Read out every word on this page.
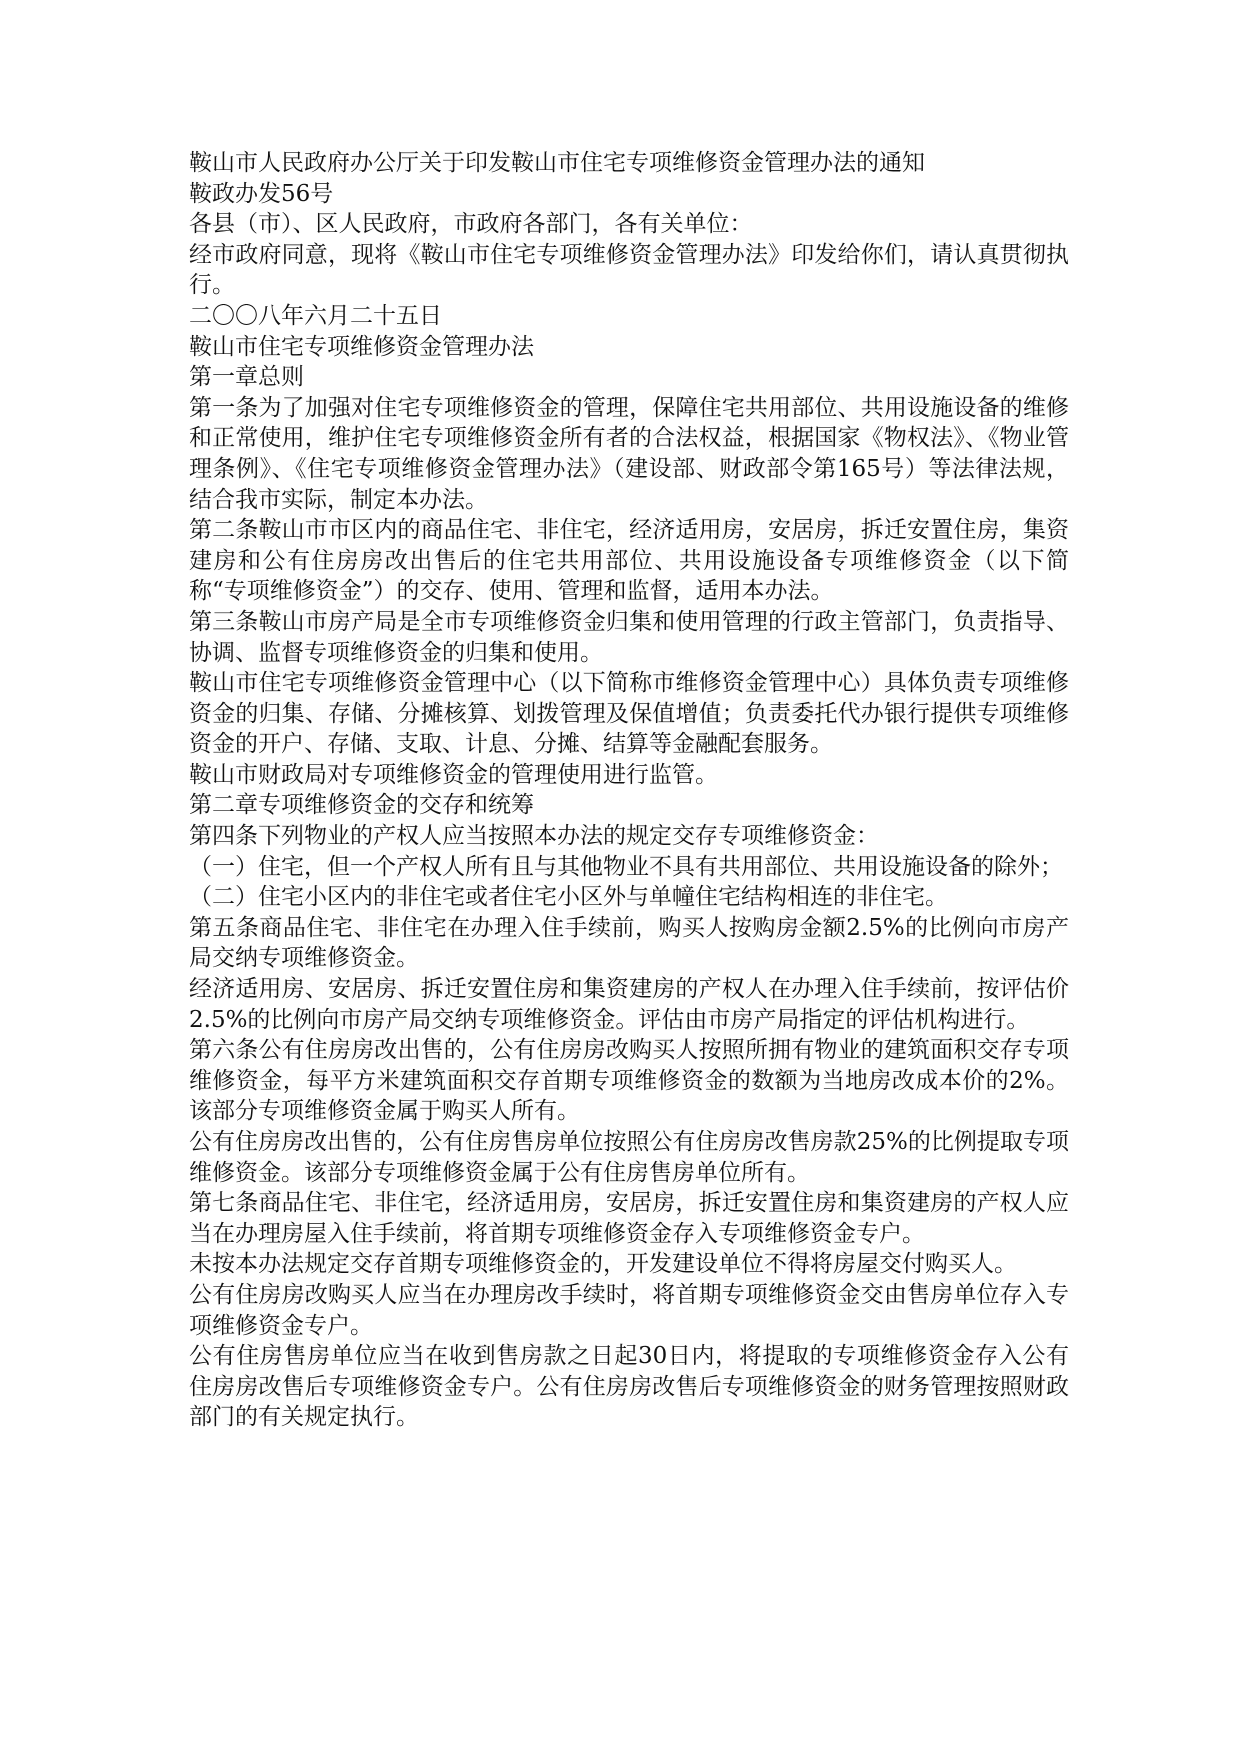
鞍山市人民政府办公厅关于印发鞍山市住宅专项维修资金管理办法的通知

鞍政办发56号

各县（市）、区人民政府，市政府各部门，各有关单位：

经市政府同意，现将《鞍山市住宅专项维修资金管理办法》印发给你们，请认真贯彻执行。

二〇〇八年六月二十五日

鞍山市住宅专项维修资金管理办法

第一章总则

第一条为了加强对住宅专项维修资金的管理，保障住宅共用部位、共用设施设备的维修和正常使用，维护住宅专项维修资金所有者的合法权益，根据国家《物权法》、《物业管理条例》、《住宅专项维修资金管理办法》（建设部、财政部令第165号）等法律法规，结合我市实际，制定本办法。

第二条鞍山市市区内的商品住宅、非住宅，经济适用房，安居房，拆迁安置住房，集资建房和公有住房房改出售后的住宅共用部位、共用设施设备专项维修资金（以下简称“专项维修资金”）的交存、使用、管理和监督，适用本办法。

第三条鞍山市房产局是全市专项维修资金归集和使用管理的行政主管部门，负责指导、协调、监督专项维修资金的归集和使用。

鞍山市住宅专项维修资金管理中心（以下简称市维修资金管理中心）具体负责专项维修资金的归集、存储、分摊核算、划拨管理及保值增值；负责委托代办银行提供专项维修资金的开户、存储、支取、计息、分摊、结算等金融配套服务。

鞍山市财政局对专项维修资金的管理使用进行监管。

第二章专项维修资金的交存和统筹

第四条下列物业的产权人应当按照本办法的规定交存专项维修资金：

（一）住宅，但一个产权人所有且与其他物业不具有共用部位、共用设施设备的除外；

（二）住宅小区内的非住宅或者住宅小区外与单幢住宅结构相连的非住宅。

第五条商品住宅、非住宅在办理入住手续前，购买人按购房金额2.5%的比例向市房产局交纳专项维修资金。

经济适用房、安居房、拆迁安置住房和集资建房的产权人在办理入住手续前，按评估价2.5%的比例向市房产局交纳专项维修资金。评估由市房产局指定的评估机构进行。

第六条公有住房房改出售的，公有住房房改购买人按照所拥有物业的建筑面积交存专项维修资金，每平方米建筑面积交存首期专项维修资金的数额为当地房改成本价的2%。该部分专项维修资金属于购买人所有。

公有住房房改出售的，公有住房售房单位按照公有住房房改售房款25%的比例提取专项维修资金。该部分专项维修资金属于公有住房售房单位所有。

第七条商品住宅、非住宅，经济适用房，安居房，拆迁安置住房和集资建房的产权人应当在办理房屋入住手续前，将首期专项维修资金存入专项维修资金专户。

未按本办法规定交存首期专项维修资金的，开发建设单位不得将房屋交付购买人。

公有住房房改购买人应当在办理房改手续时，将首期专项维修资金交由售房单位存入专项维修资金专户。

公有住房售房单位应当在收到售房款之日起30日内，将提取的专项维修资金存入公有住房房改售后专项维修资金专户。公有住房房改售后专项维修资金的财务管理按照财政部门的有关规定执行。
